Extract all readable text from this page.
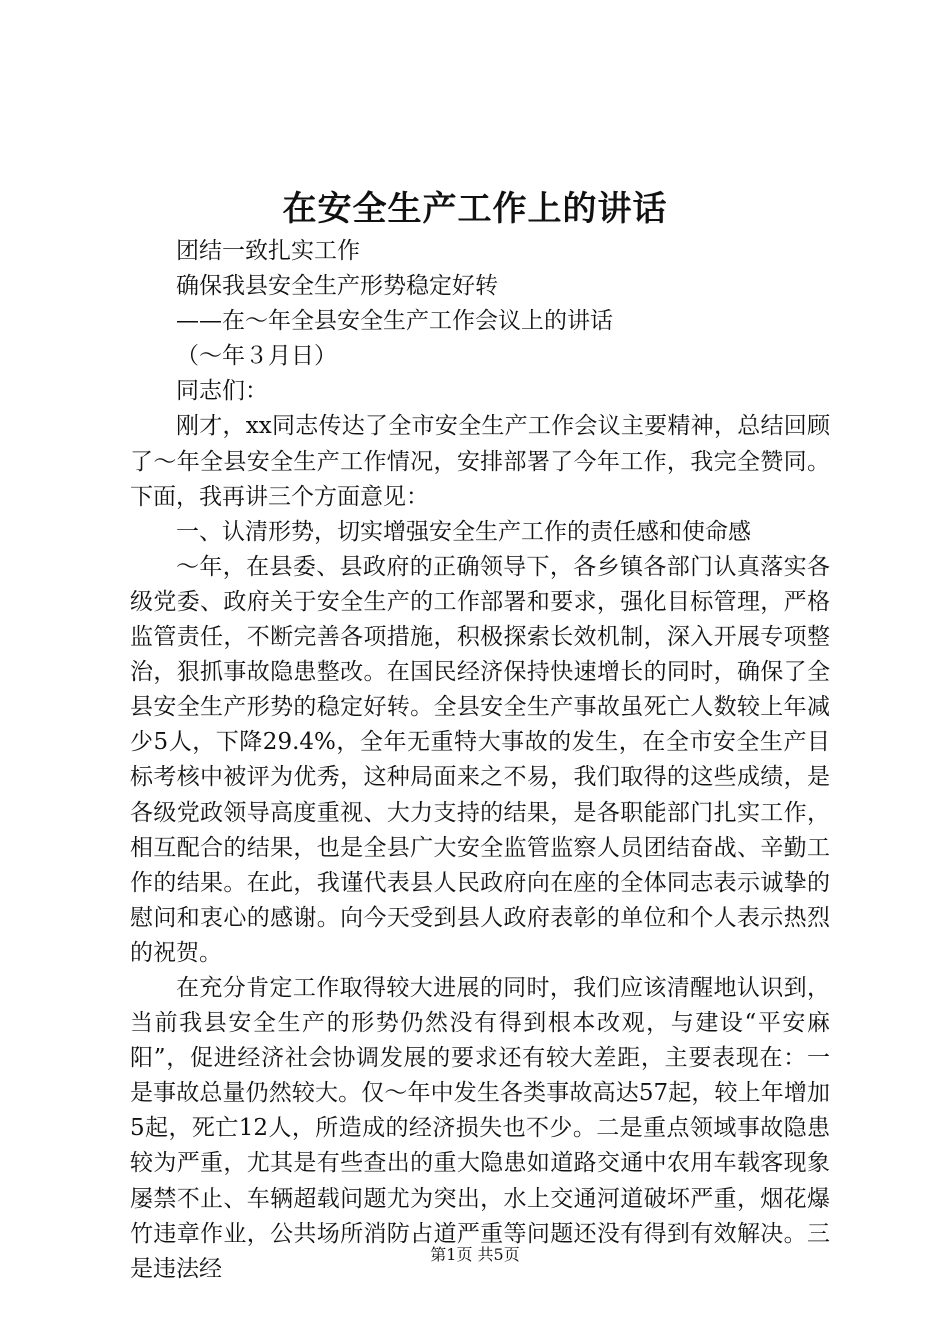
在安全生产工作上的讲话

团结一致扎实工作

确保我县安全生产形势稳定好转

——在～年全县安全生产工作会议上的讲话

（～年３月日）

同志们：

刚才，xx同志传达了全市安全生产工作会议主要精神，总结回顾了～年全县安全生产工作情况，安排部署了今年工作，我完全赞同。下面，我再讲三个方面意见：

一、认清形势，切实增强安全生产工作的责任感和使命感

～年，在县委、县政府的正确领导下，各乡镇各部门认真落实各级党委、政府关于安全生产的工作部署和要求，强化目标管理，严格监管责任，不断完善各项措施，积极探索长效机制，深入开展专项整治，狠抓事故隐患整改。在国民经济保持快速增长的同时，确保了全县安全生产形势的稳定好转。全县安全生产事故虽死亡人数较上年减少5人，下降29.4%，全年无重特大事故的发生，在全市安全生产目标考核中被评为优秀，这种局面来之不易，我们取得的这些成绩，是各级党政领导高度重视、大力支持的结果，是各职能部门扎实工作，相互配合的结果，也是全县广大安全监管监察人员团结奋战、辛勤工作的结果。在此，我谨代表县人民政府向在座的全体同志表示诚挚的慰问和衷心的感谢。向今天受到县人政府表彰的单位和个人表示热烈的祝贺。

在充分肯定工作取得较大进展的同时，我们应该清醒地认识到，当前我县安全生产的形势仍然没有得到根本改观，与建设“平安麻阳”，促进经济社会协调发展的要求还有较大差距，主要表现在：一是事故总量仍然较大。仅～年中发生各类事故高达57起，较上年增加5起，死亡12人，所造成的经济损失也不少。二是重点领域事故隐患较为严重，尤其是有些查出的重大隐患如道路交通中农用车载客现象屡禁不止、车辆超载问题尤为突出，水上交通河道破坏严重，烟花爆竹违章作业，公共场所消防占道严重等问题还没有得到有效解决。三是违法经

第1页 共5页
